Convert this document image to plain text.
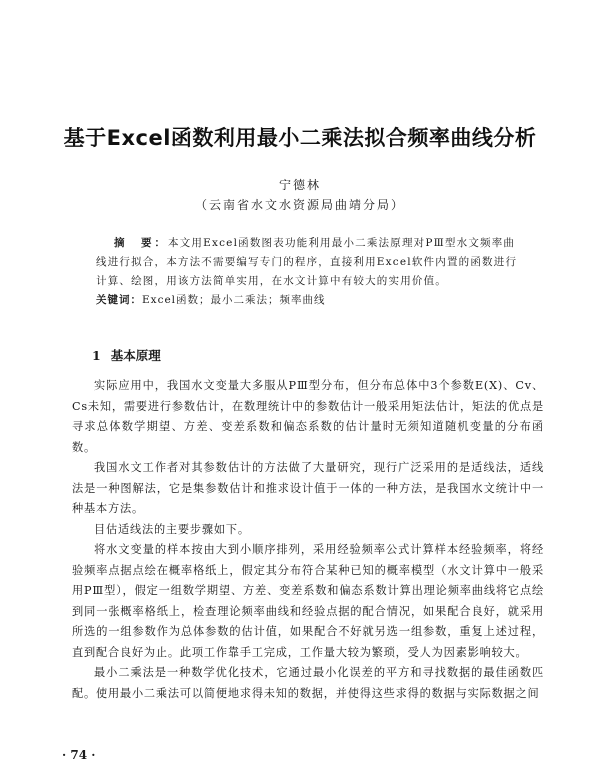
基于Excel函数利用最小二乘法拟合频率曲线分析
宁德林
（云南省水文水资源局曲靖分局）
摘　要：本文用Excel函数图表功能利用最小二乘法原理对PⅢ型水文频率曲线进行拟合，本方法不需要编写专门的程序，直接利用Excel软件内置的函数进行计算、绘图，用该方法简单实用，在水文计算中有较大的实用价值。
关键词：Excel函数；最小二乘法；频率曲线
1 基本原理

实际应用中，我国水文变量大多服从PⅢ型分布，但分布总体中3个参数E(X)、Cv、Cs未知，需要进行参数估计，在数理统计中的参数估计一般采用矩法估计，矩法的优点是寻求总体数学期望、方差、变差系数和偏态系数的估计量时无须知道随机变量的分布函数。

我国水文工作者对其参数估计的方法做了大量研究，现行广泛采用的是适线法，适线法是一种图解法，它是集参数估计和推求设计值于一体的一种方法，是我国水文统计中一种基本方法。

目估适线法的主要步骤如下。

将水文变量的样本按由大到小顺序排列，采用经验频率公式计算样本经验频率，将经验频率点据点绘在概率格纸上，假定其分布符合某种已知的概率模型（水文计算中一般采用PⅢ型），假定一组数学期望、方差、变差系数和偏态系数计算出理论频率曲线将它点绘到同一张概率格纸上，检查理论频率曲线和经验点据的配合情况，如果配合良好，就采用所选的一组参数作为总体参数的估计值，如果配合不好就另选一组参数，重复上述过程，直到配合良好为止。此项工作靠手工完成，工作量大较为繁琐，受人为因素影响较大。

最小二乘法是一种数学优化技术，它通过最小化误差的平方和寻找数据的最佳函数匹配。使用最小二乘法可以简便地求得未知的数据，并使得这些求得的数据与实际数据之间

· 74 ·
